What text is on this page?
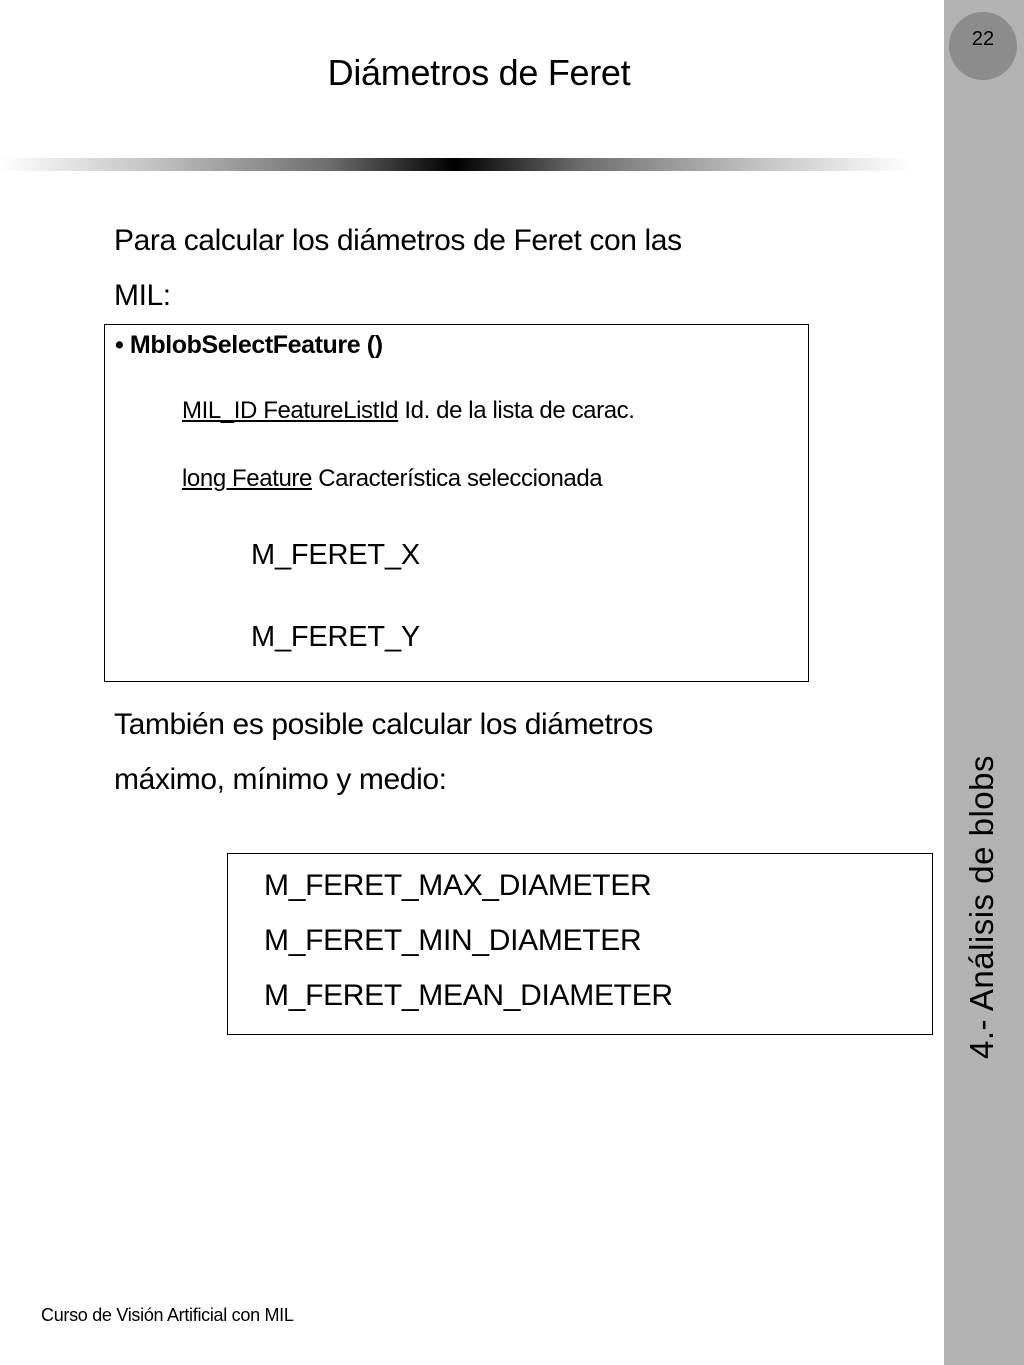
22
4.- Análisis de blobs
Diámetros de Feret
Para calcular los diámetros de Feret con las
MIL:
• MblobSelectFeature ()
MIL_ID FeatureListId Id. de la lista de carac.
long Feature Característica seleccionada
M_FERET_X
M_FERET_Y
También es posible calcular los diámetros
máximo, mínimo y medio:
M_FERET_MAX_DIAMETER
M_FERET_MIN_DIAMETER
M_FERET_MEAN_DIAMETER
Curso de Visión Artificial con MIL
